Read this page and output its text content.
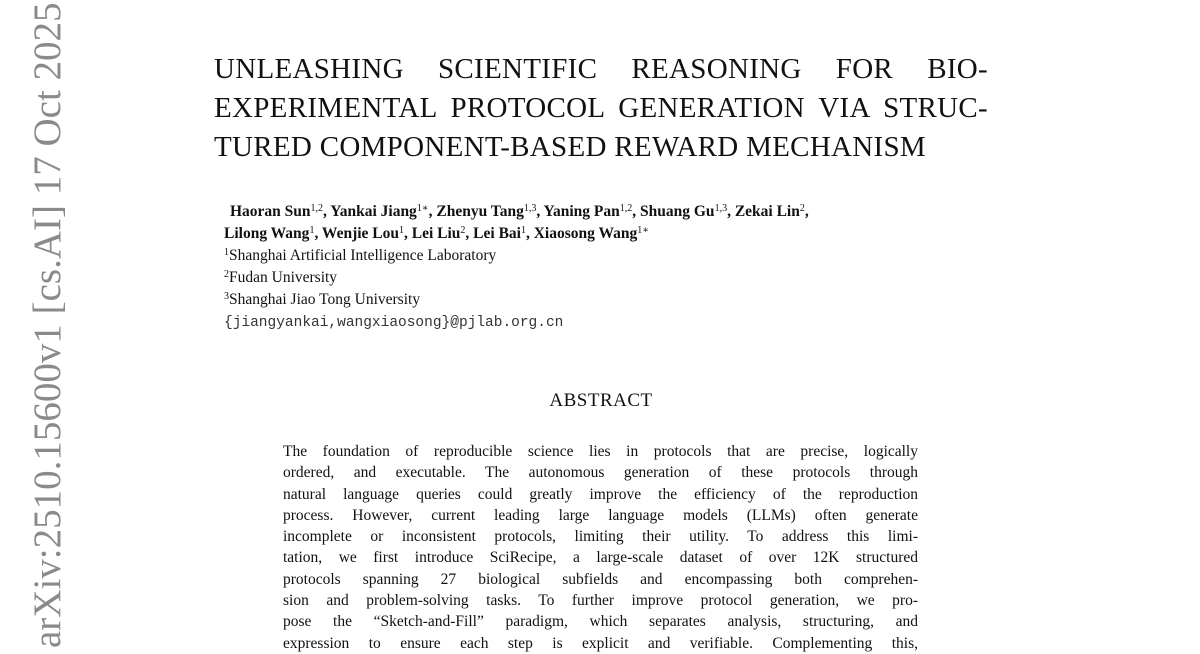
arXiv:2510.15600v1 [cs.AI] 17 Oct 2025	UNLEASHING SCIENTIFIC REASONING FOR BIO-
EXPERIMENTAL PROTOCOL GENERATION VIA STRUC-
TURED COMPONENT-BASED REWARD MECHANISM
Haoran Sun$^{1,2}$, Yankai Jiang$^{1∗}$, Zhenyu Tang$^{1,3}$, Yaning Pan$^{1,2}$, Shuang Gu$^{1,3}$, Zekai Lin$^2$,
Lilong Wang$^1$, Wenjie Lou$^1$, Lei Liu$^2$, Lei Bai$^1$, Xiaosong Wang$^{1∗}$
$^1$Shanghai Artificial Intelligence Laboratory
$^2$Fudan University
$^3$Shanghai Jiao Tong University
{jiangyankai,wangxiaosong}@pjlab.org.cn
ABSTRACT
The foundation of reproducible science lies in protocols that are precise, logically
ordered, and executable. The autonomous generation of these protocols through
natural language queries could greatly improve the efficiency of the reproduction
process. However, current leading large language models (LLMs) often generate
incomplete or inconsistent protocols, limiting their utility. To address this limi-
tation, we first introduce SciRecipe, a large-scale dataset of over 12K structured
protocols spanning 27 biological subfields and encompassing both comprehen-
sion and problem-solving tasks. To further improve protocol generation, we pro-
pose the “Sketch-and-Fill” paradigm, which separates analysis, structuring, and
expression to ensure each step is explicit and verifiable. Complementing this,
